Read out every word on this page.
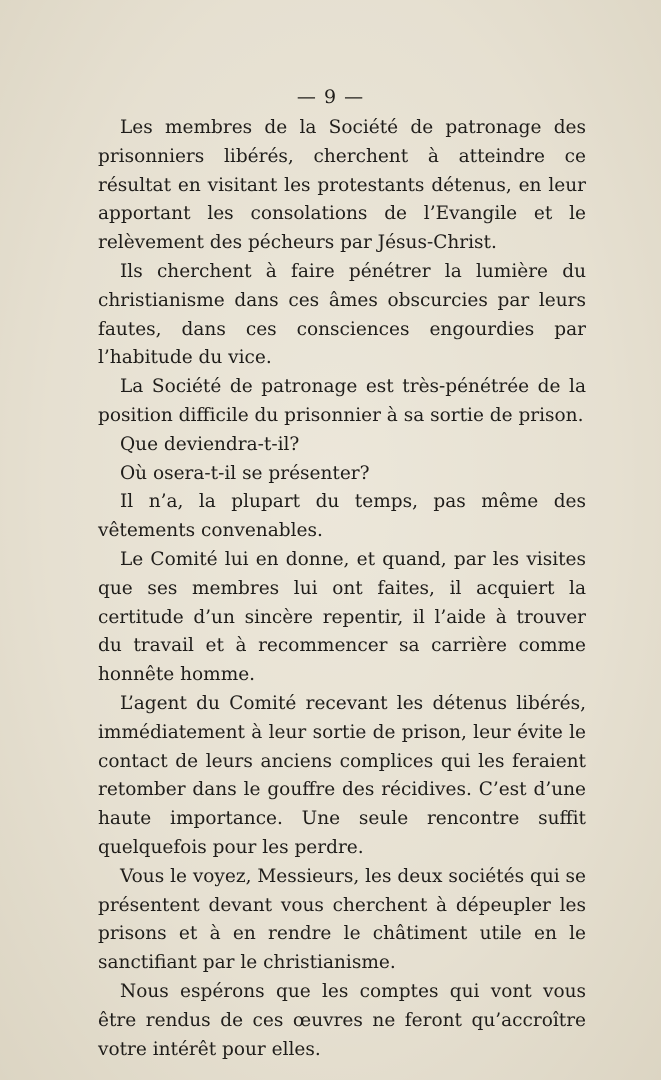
— 9 —

Les membres de la Société de patronage des prisonniers libérés, cherchent à atteindre ce résultat en visitant les protestants détenus, en leur apportant les consolations de l’Evangile et le relèvement des pécheurs par Jésus-Christ.

Ils cherchent à faire pénétrer la lumière du christianisme dans ces âmes obscurcies par leurs fautes, dans ces consciences engourdies par l’habitude du vice.

La Société de patronage est très-pénétrée de la position difficile du prisonnier à sa sortie de prison.

Que deviendra-t-il?

Où osera-t-il se présenter?

Il n’a, la plupart du temps, pas même des vêtements convenables.

Le Comité lui en donne, et quand, par les visites que ses membres lui ont faites, il acquiert la certitude d’un sincère repentir, il l’aide à trouver du travail et à recommencer sa carrière comme honnête homme.

L’agent du Comité recevant les détenus libérés, immédiatement à leur sortie de prison, leur évite le contact de leurs anciens complices qui les feraient retomber dans le gouffre des récidives. C’est d’une haute importance. Une seule rencontre suffit quelquefois pour les perdre.

Vous le voyez, Messieurs, les deux sociétés qui se présentent devant vous cherchent à dépeupler les prisons et à en rendre le châtiment utile en le sanctifiant par le christianisme.

Nous espérons que les comptes qui vont vous être rendus de ces œuvres ne feront qu’accroître votre intérêt pour elles.
